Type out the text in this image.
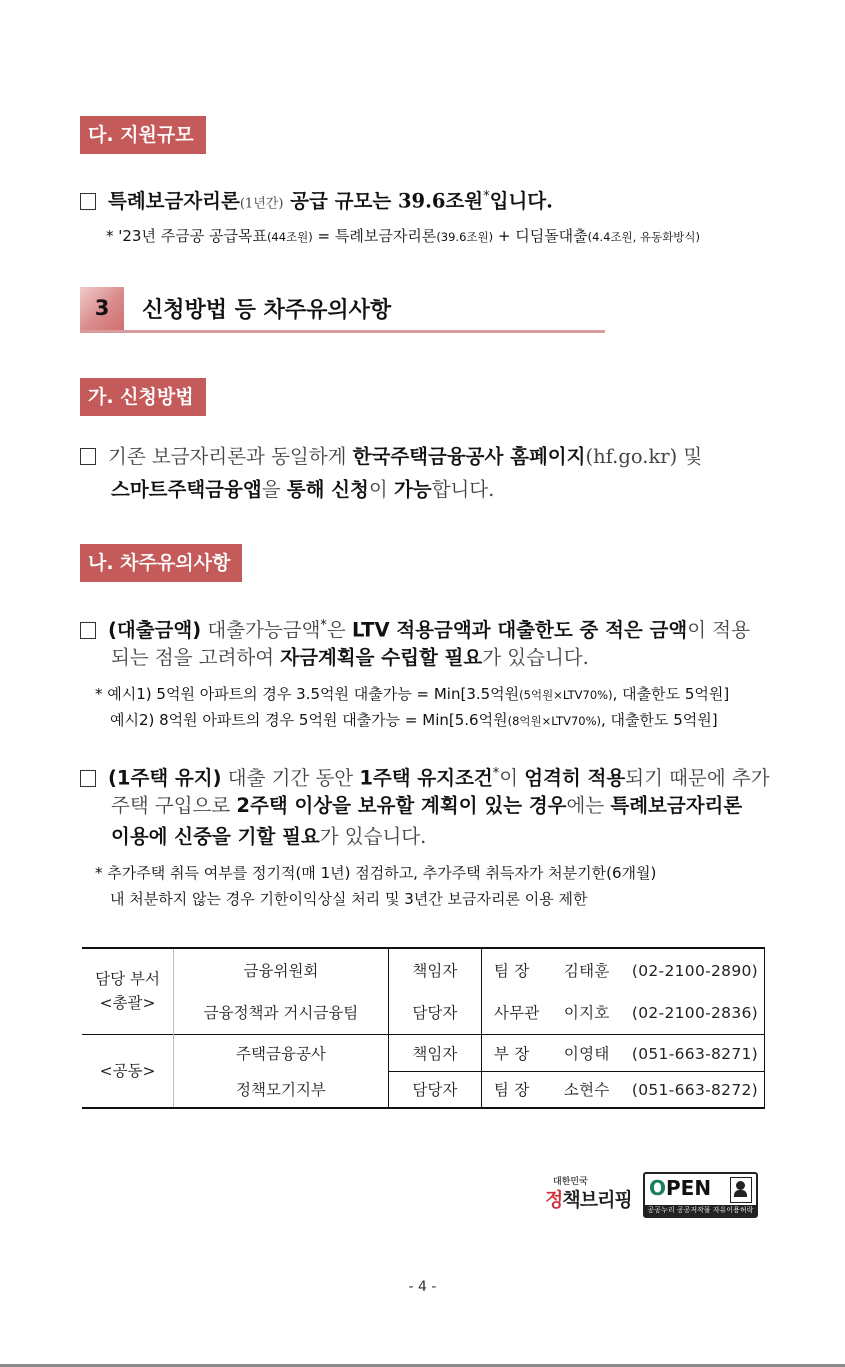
다. 지원규모
특례보금자리론(1년간) 공급 규모는 39.6조원*입니다.
* '23년 주금공 공급목표(44조원) = 특례보금자리론(39.6조원) + 디딤돌대출(4.4조원, 유동화방식)
3	신청방법 등 차주유의사항
가. 신청방법
기존 보금자리론과 동일하게 한국주택금융공사 홈페이지(hf.go.kr) 및
스마트주택금융앱을 통해 신청이 가능합니다.
나. 차주유의사항
(대출금액) 대출가능금액*은 LTV 적용금액과 대출한도 중 적은 금액이 적용
되는 점을 고려하여 자금계획을 수립할 필요가 있습니다.
* 예시1) 5억원 아파트의 경우 3.5억원 대출가능 = Min[3.5억원(5억원×LTV70%), 대출한도 5억원]
예시2) 8억원 아파트의 경우 5억원 대출가능 = Min[5.6억원(8억원×LTV70%), 대출한도 5억원]
(1주택 유지) 대출 기간 동안 1주택 유지조건*이 엄격히 적용되기 때문에 추가
주택 구입으로 2주택 이상을 보유할 계획이 있는 경우에는 특례보금자리론
이용에 신중을 기할 필요가 있습니다.
* 추가주택 취득 여부를 정기적(매 1년) 점검하고, 추가주택 취득자가 처분기한(6개월)
내 처분하지 않는 경우 기한이익상실 처리 및 3년간 보금자리론 이용 제한
담당 부서
<총괄>	금융위원회	책임자	팀 장 김태훈 (02-2100-2890)
	금융정책과 거시금융팀	담당자	사무관 이지호 (02-2100-2836)
<공동>	주택금융공사	책임자	부 장 이영태 (051-663-8271)
	정책모기지부	담당자	팀 장 소현수 (051-663-8272)
대한민국
정책브리핑 OPEN
공공누리 공공저작물 자유이용허락
- 4 -
